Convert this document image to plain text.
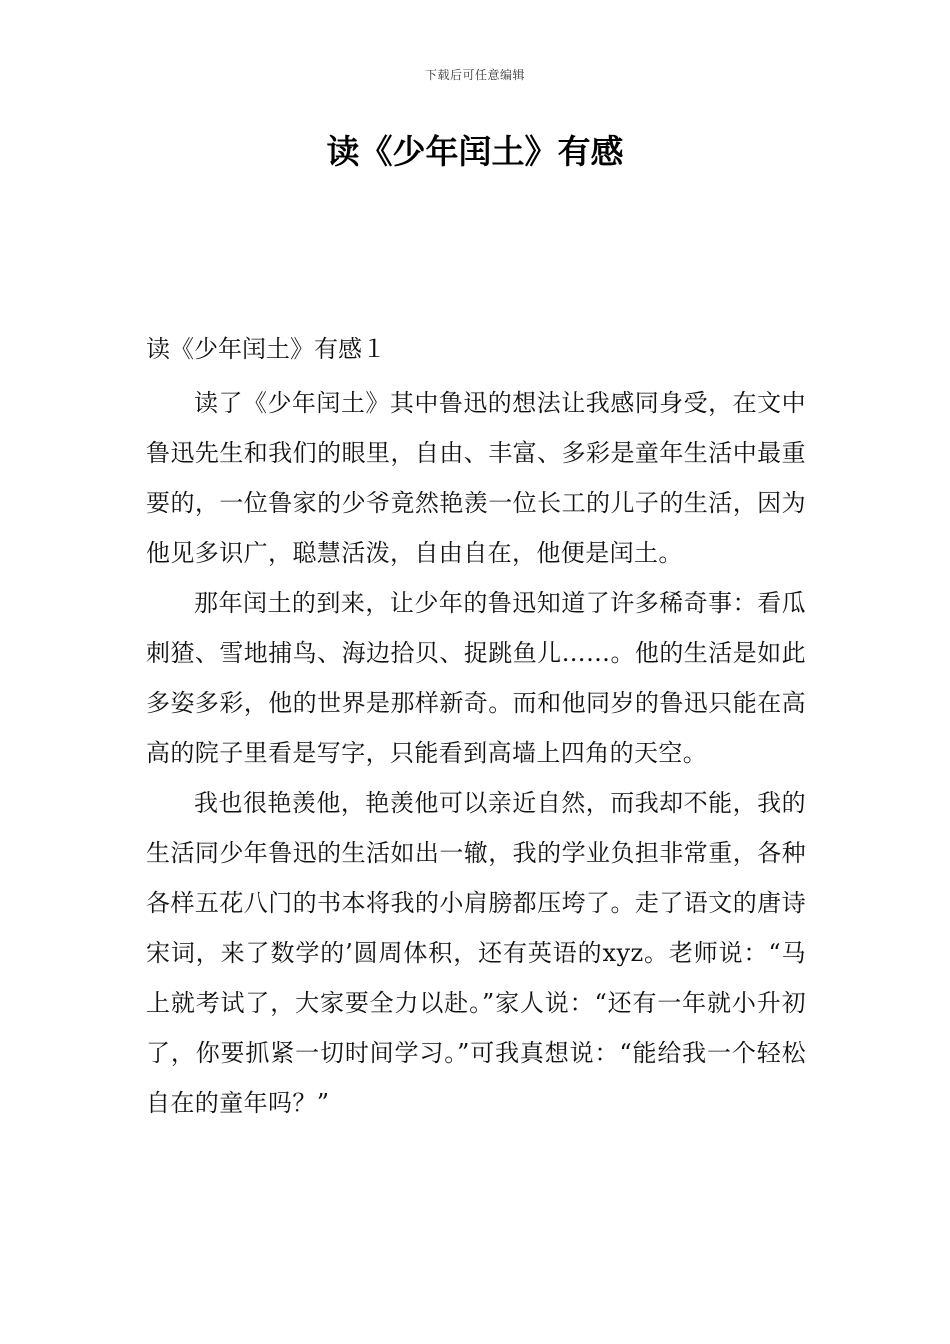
下载后可任意编辑
读《少年闰土》有感
读《少年闰土》有感１

读了《少年闰土》其中鲁迅的想法让我感同身受，在文中鲁迅先生和我们的眼里，自由、丰富、多彩是童年生活中最重要的，一位鲁家的少爷竟然艳羡一位长工的儿子的生活，因为他见多识广，聪慧活泼，自由自在，他便是闰土。

那年闰土的到来，让少年的鲁迅知道了许多稀奇事：看瓜刺猹、雪地捕鸟、海边拾贝、捉跳鱼儿……。他的生活是如此多姿多彩，他的世界是那样新奇。而和他同岁的鲁迅只能在高高的院子里看是写字，只能看到高墙上四角的天空。

我也很艳羡他，艳羡他可以亲近自然，而我却不能，我的生活同少年鲁迅的生活如出一辙，我的学业负担非常重，各种各样五花八门的书本将我的小肩膀都压垮了。走了语文的唐诗宋词，来了数学的’圆周体积，还有英语的xyz。老师说：“马上就考试了，大家要全力以赴。”家人说：“还有一年就小升初了，你要抓紧一切时间学习。”可我真想说：“能给我一个轻松自在的童年吗？”
